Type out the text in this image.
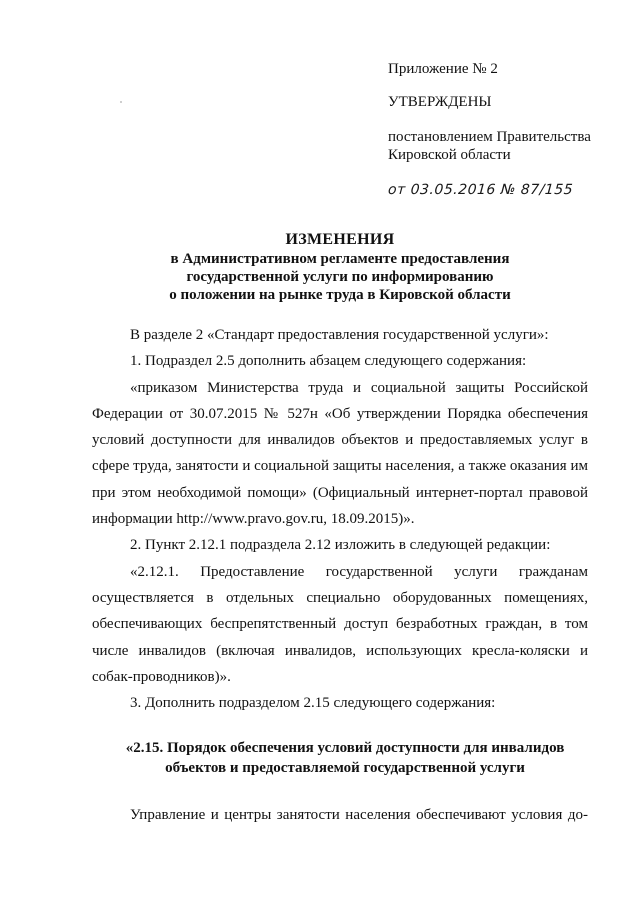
Приложение № 2
УТВЕРЖДЕНЫ
постановлением Правительства
Кировской области
от 03.05.2016 № 87/155
ИЗМЕНЕНИЯ
в Административном регламенте предоставления
государственной услуги по информированию
о положении на рынке труда в Кировской области

В разделе 2 «Стандарт предоставления государственной услуги»:

1. Подраздел 2.5 дополнить абзацем следующего содержания:

«приказом Министерства труда и социальной защиты Российской Федерации от 30.07.2015 № 527н «Об утверждении Порядка обеспечения условий доступности для инвалидов объектов и предоставляемых услуг в сфере труда, занятости и социальной защиты населения, а также оказания им при этом необходимой помощи» (Официальный интернет-портал правовой информации http://www.pravo.gov.ru, 18.09.2015)».

2. Пункт 2.12.1 подраздела 2.12 изложить в следующей редакции:

«2.12.1. Предоставление государственной услуги гражданам осуществляется в отдельных специально оборудованных помещениях, обеспечивающих беспрепятственный доступ безработных граждан, в том числе инвалидов (включая инвалидов, использующих кресла-коляски и собак-проводников)».

3. Дополнить подразделом 2.15 следующего содержания:

«2.15. Порядок обеспечения условий доступности для инвалидов
объектов и предоставляемой государственной услуги

Управление и центры занятости населения обеспечивают условия до-
